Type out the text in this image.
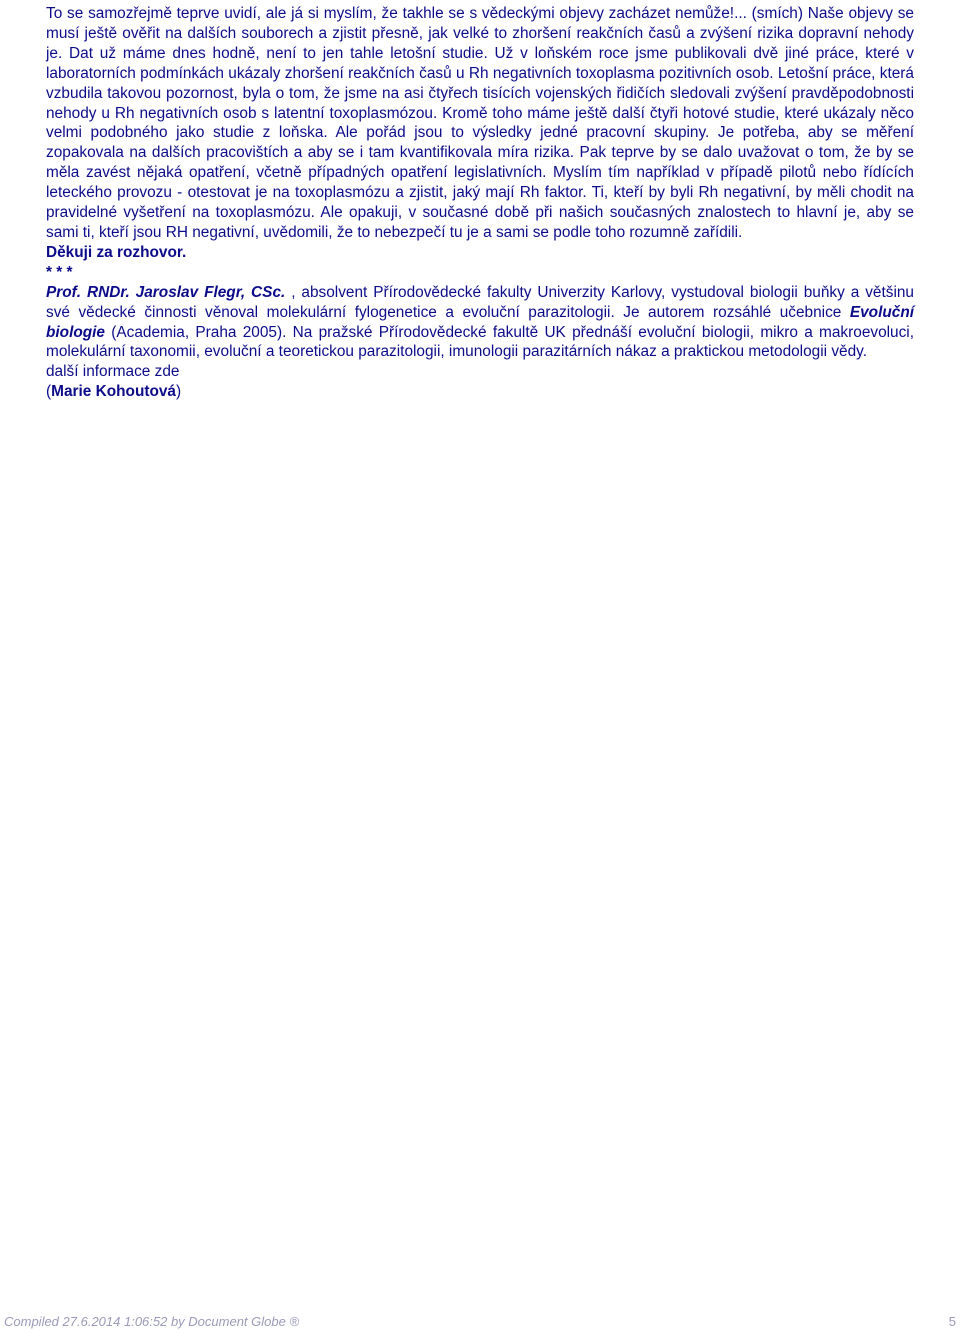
To se samozřejmě teprve uvidí, ale já si myslím, že takhle se s vědeckými objevy zacházet nemůže!... (smích) Naše objevy se musí ještě ověřit na dalších souborech a zjistit přesně, jak velké to zhoršení reakčních časů a zvýšení rizika dopravní nehody je. Dat už máme dnes hodně, není to jen tahle letošní studie. Už v loňském roce jsme publikovali dvě jiné práce, které v laboratorních podmínkách ukázaly zhoršení reakčních časů u Rh negativních toxoplasma pozitivních osob. Letošní práce, která vzbudila takovou pozornost, byla o tom, že jsme na asi čtyřech tisících vojenských řidičích sledovali zvýšení pravděpodobnosti nehody u Rh negativních osob s latentní toxoplasmózou. Kromě toho máme ještě další čtyři hotové studie, které ukázaly něco velmi podobného jako studie z loňska. Ale pořád jsou to výsledky jedné pracovní skupiny. Je potřeba, aby se měření zopakovala na dalších pracovištích a aby se i tam kvantifikovala míra rizika. Pak teprve by se dalo uvažovat o tom, že by se měla zavést nějaká opatření, včetně případných opatření legislativních. Myslím tím například v případě pilotů nebo řídících leteckého provozu - otestovat je na toxoplasmózu a zjistit, jaký mají Rh faktor. Ti, kteří by byli Rh negativní, by měli chodit na pravidelné vyšetření na toxoplasmózu. Ale opakuji, v současné době při našich současných znalostech to hlavní je, aby se sami ti, kteří jsou RH negativní, uvědomili, že to nebezpečí tu je a sami se podle toho rozumně zařídili.

Děkuji za rozhovor.

* * *

Prof. RNDr. Jaroslav Flegr, CSc. , absolvent Přírodovědecké fakulty Univerzity Karlovy, vystudoval biologii buňky a většinu své vědecké činnosti věnoval molekulární fylogenetice a evoluční parazitologii. Je autorem rozsáhlé učebnice Evoluční biologie (Academia, Praha 2005). Na pražské Přírodovědecké fakultě UK přednáší evoluční biologii, mikro a makroevoluci, molekulární taxonomii, evoluční a teoretickou parazitologii, imunologii parazitárních nákaz a praktickou metodologii vědy.

další informace zde

(Marie Kohoutová)

Compiled 27.6.2014 1:06:52 by Document Globe ®	5
